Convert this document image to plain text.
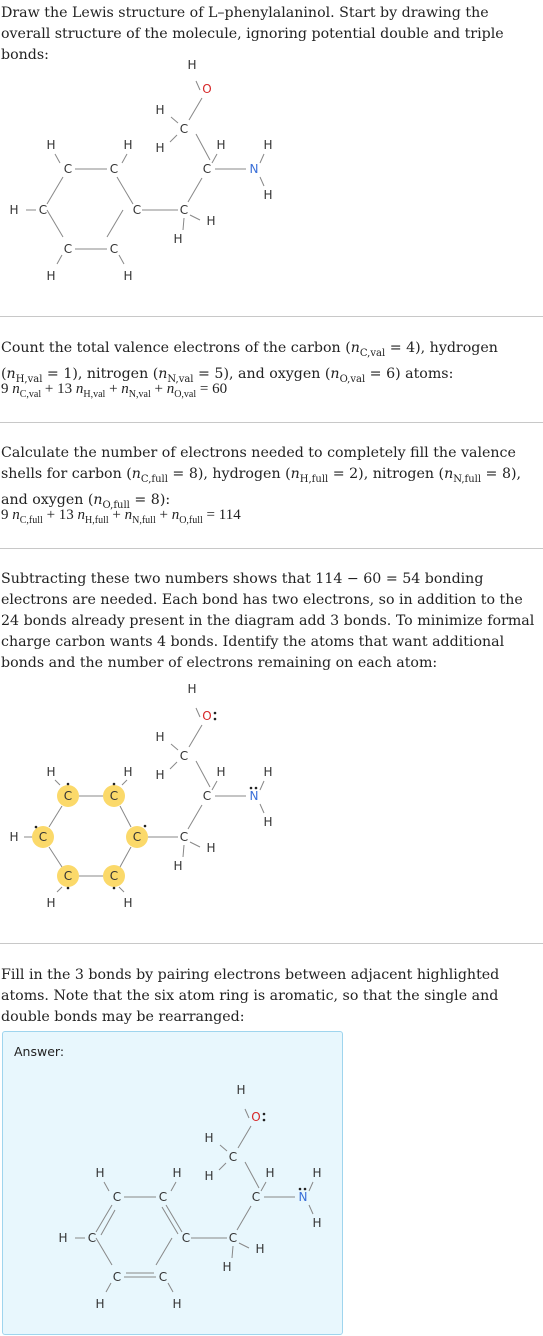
Draw the Lewis structure of L–phenylalaninol. Start by drawing the overall structure of the molecule, ignoring potential double and triple bonds:
C	C
C
C
C
C	C
C
C
O
N
H	H
H
H	H
H
H
H
H	H	H
H
H
Count the total valence electrons of the carbon $(n_{C,val} = 4)$, hydrogen $(n_{H,val} = 1)$, nitrogen $(n_{N,val} = 5)$, and oxygen $(n_{O,val} = 6)$ atoms:
9 $n_{C,val} + 13$ $n_{H,val} + n_{N,val} + n_{O,val} = 60$
Calculate the number of electrons needed to completely fill the valence shells for carbon $(n_{C,full} = 8)$, hydrogen $(n_{H,full} = 2)$, nitrogen $(n_{N,full} = 8)$, and oxygen $(n_{O,full} = 8)$:
9 $n_{C,full} + 13$ $n_{H,full} + n_{N,full} + n_{O,full} = 114$
Subtracting these two numbers shows that 114 − 60 = 54 bonding electrons are needed. Each bond has two electrons, so in addition to the 24 bonds already present in the diagram add 3 bonds. To minimize formal charge carbon wants 4 bonds. Identify the atoms that want additional bonds and the number of electrons remaining on each atom:
C	C
C
C
C
C	C
C
C
O
N
H	H
H
H	H
H
H
H
H	H	H
H
H
Fill in the 3 bonds by pairing electrons between adjacent highlighted atoms. Note that the six atom ring is aromatic, so that the single and double bonds may be rearranged:
Answer:
C	C
C
C
C
C	C
C
C
O
N
H	H
H
H	H
H
H
H
H	H	H
H
H
